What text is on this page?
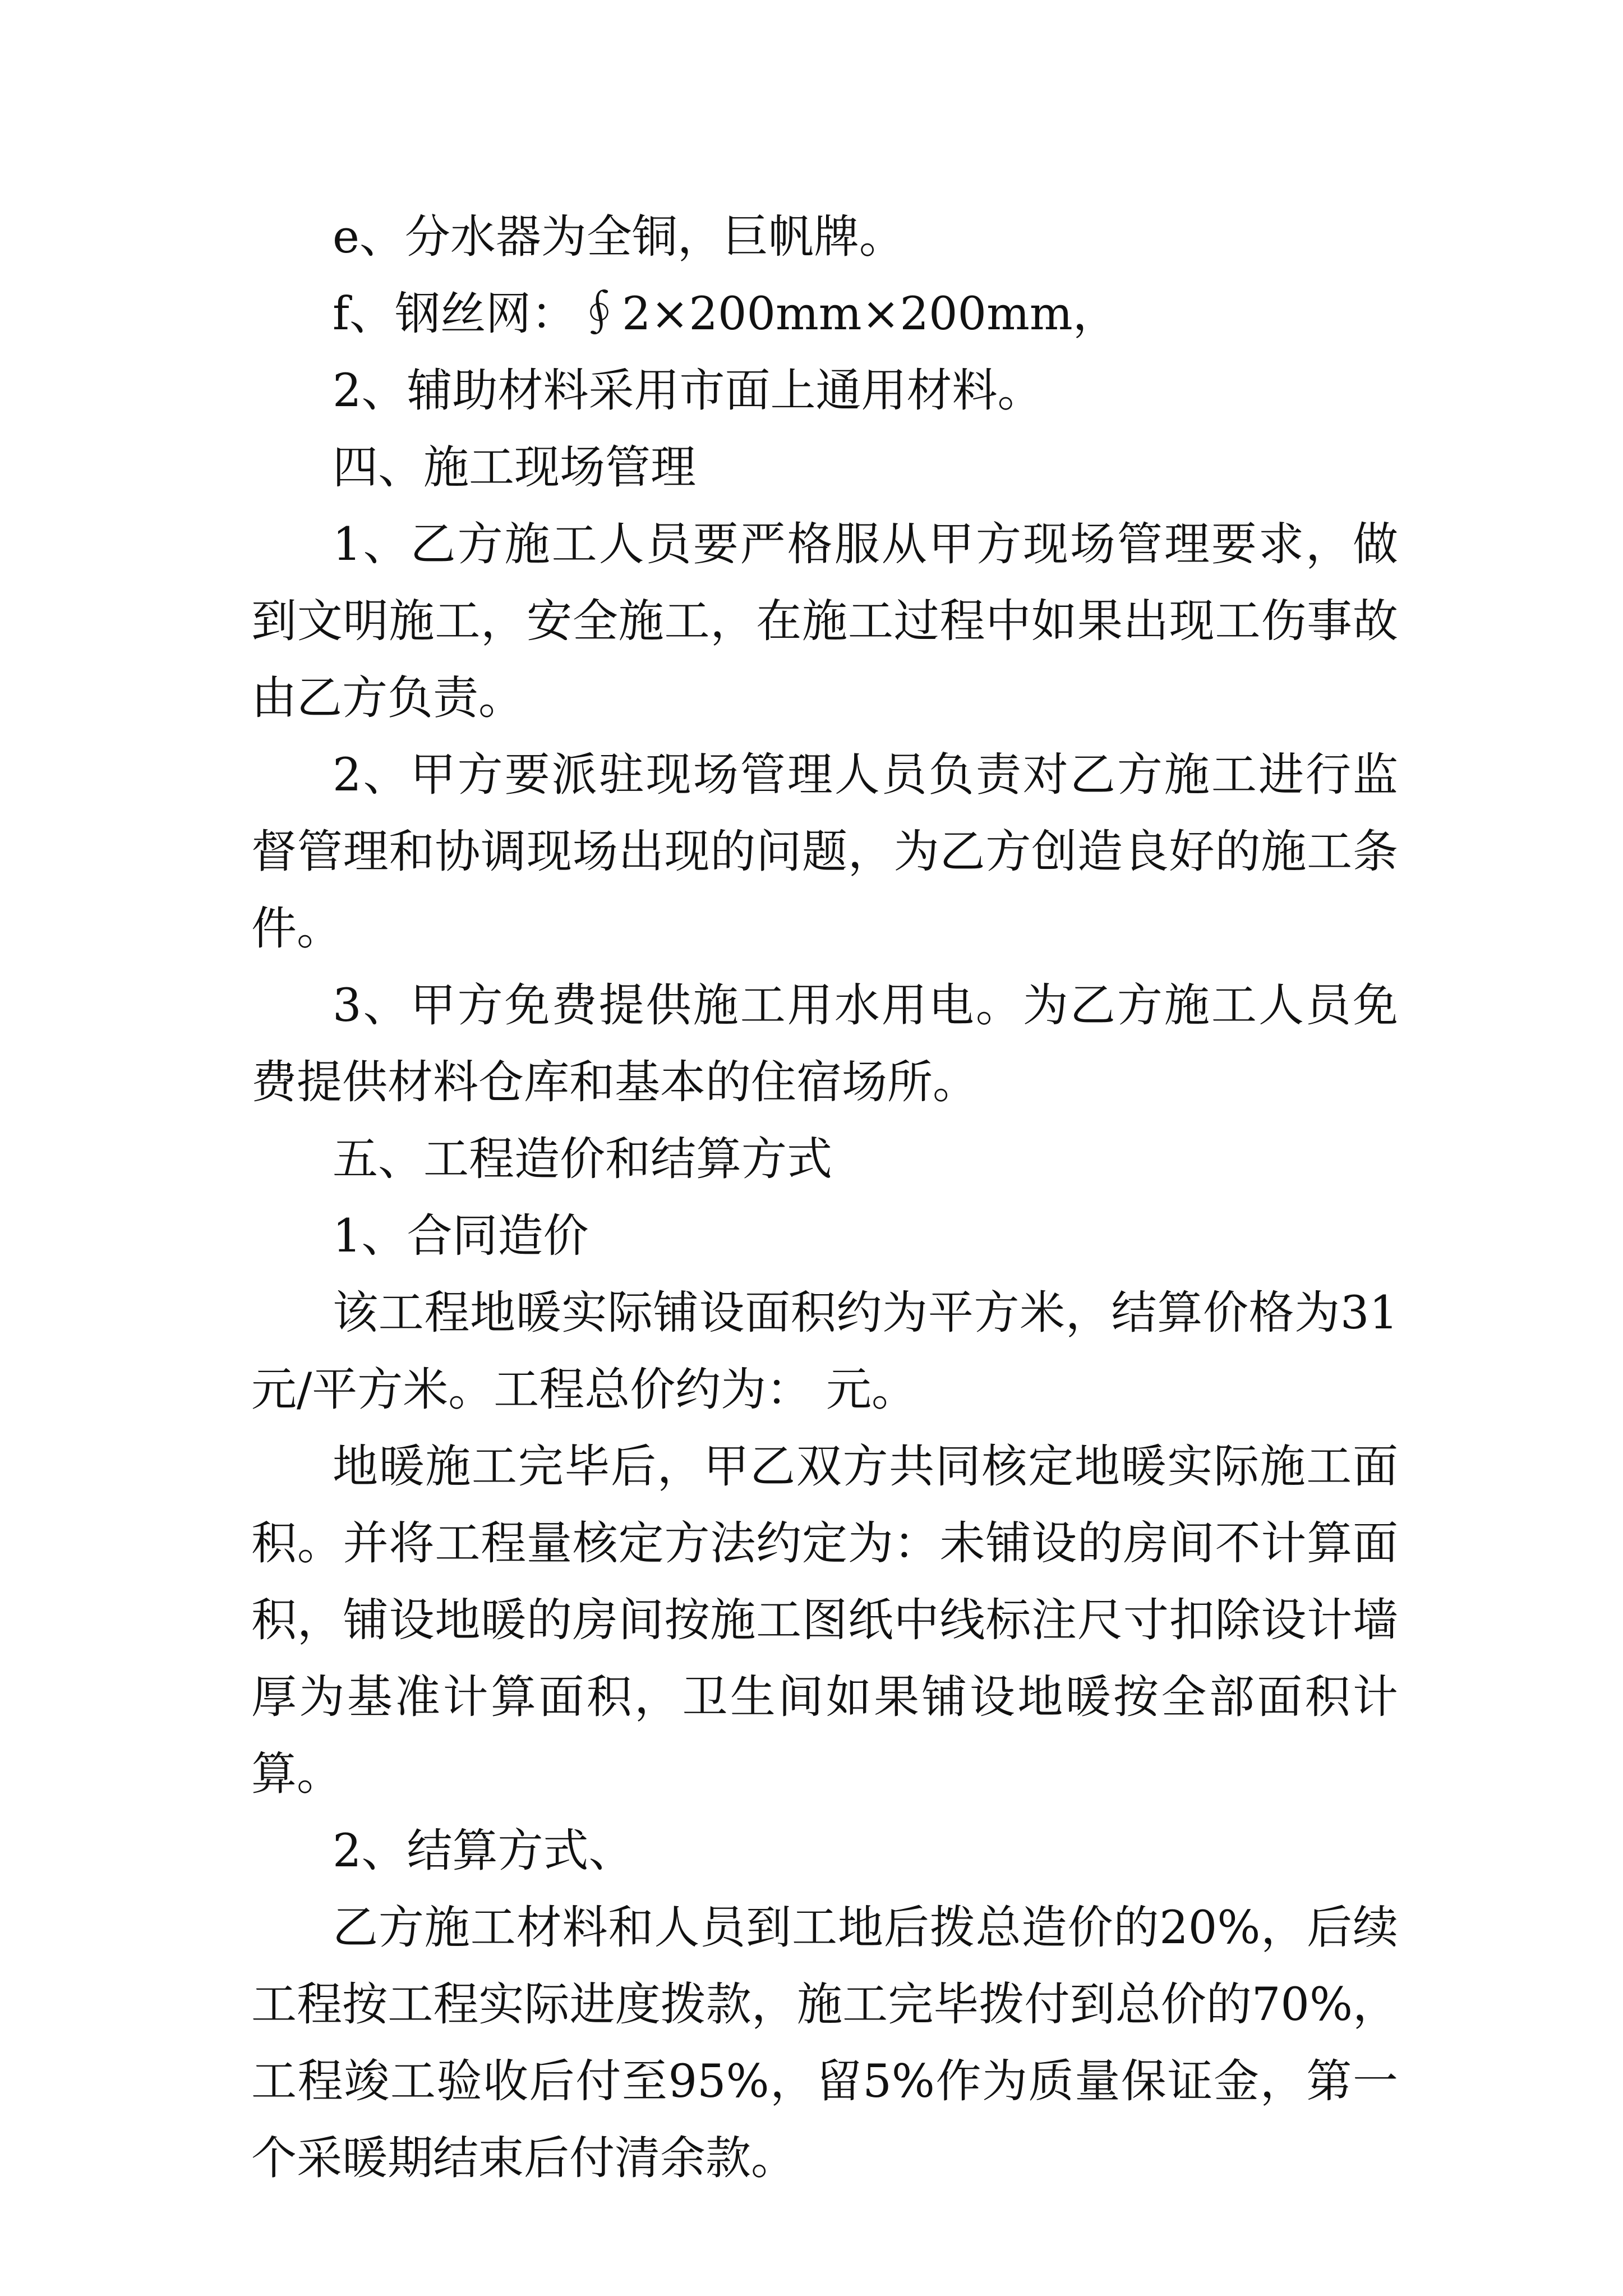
e、分水器为全铜，巨帆牌。

f、钢丝网：∮2×200mm×200mm，

2、辅助材料采用市面上通用材料。

四、施工现场管理

1、乙方施工人员要严格服从甲方现场管理要求，做到文明施工，安全施工，在施工过程中如果出现工伤事故由乙方负责。

2、甲方要派驻现场管理人员负责对乙方施工进行监督管理和协调现场出现的问题，为乙方创造良好的施工条件。

3、甲方免费提供施工用水用电。为乙方施工人员免费提供材料仓库和基本的住宿场所。

五、工程造价和结算方式

1、合同造价

该工程地暖实际铺设面积约为平方米，结算价格为31元/平方米。工程总价约为： 元。

地暖施工完毕后，甲乙双方共同核定地暖实际施工面积。并将工程量核定方法约定为：未铺设的房间不计算面积，铺设地暖的房间按施工图纸中线标注尺寸扣除设计墙厚为基准计算面积，卫生间如果铺设地暖按全部面积计算。

2、结算方式、

乙方施工材料和人员到工地后拨总造价的20%，后续工程按工程实际进度拨款，施工完毕拨付到总价的70%，工程竣工验收后付至95%，留5%作为质量保证金，第一个采暖期结束后付清余款。
